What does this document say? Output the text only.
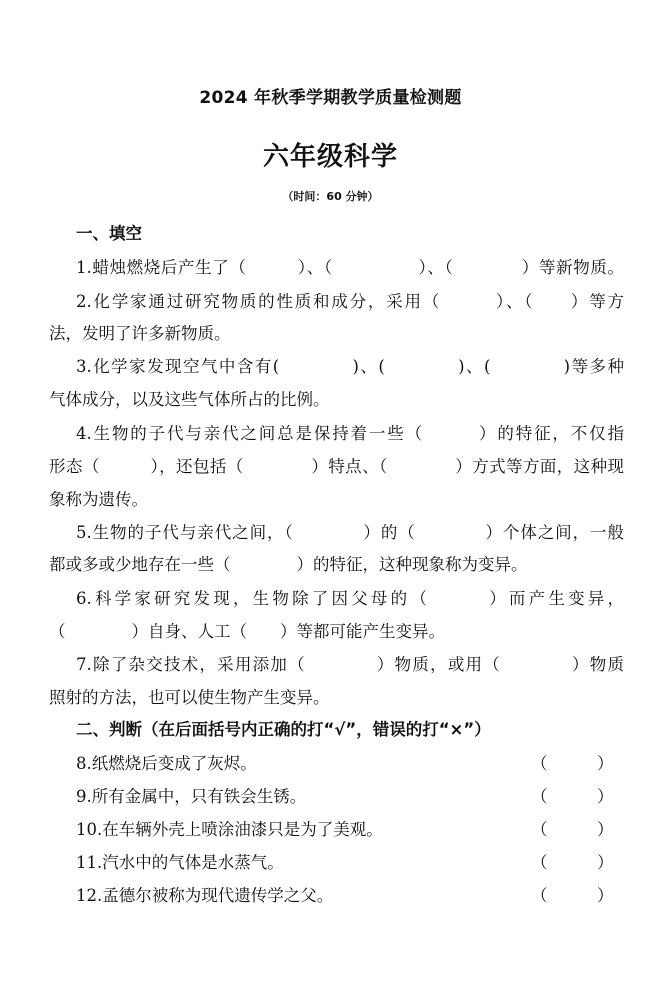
2024 年秋季学期教学质量检测题
六年级科学
（时间：60 分钟）
一、填空
1.蜡烛燃烧后产生了（　　　）、（　　　　　）、（　　　　）等新物质。
2.化学家通过研究物质的性质和成分，采用（　　　）、（　　）等方
法，发明了许多新物质。
3.化学家发现空气中含有(　　　　)、(　　　　)、(　　　　)等多种
气体成分，以及这些气体所占的比例。
4.生物的子代与亲代之间总是保持着一些（　　　）的特征，不仅指
形态（　　　），还包括（　　　　）特点、（　　　　）方式等方面，这种现
象称为遗传。
5.生物的子代与亲代之间，（　　　　）的（　　　　）个体之间，一般
都或多或少地存在一些（　　　　）的特征，这种现象称为变异。
6.科学家研究发现，生物除了因父母的（　　　）而产生变异，
（　　　　）自身、人工（　　）等都可能产生变异。
7.除了杂交技术，采用添加（　　　　）物质，或用（　　　　）物质
照射的方法，也可以使生物产生变异。
二、判断（在后面括号内正确的打“√”，错误的打“×”）
8.纸燃烧后变成了灰烬。	（　　　）
9.所有金属中，只有铁会生锈。	（　　　）
10.在车辆外壳上喷涂油漆只是为了美观。	（　　　）
11.汽水中的气体是水蒸气。	（　　　）
12.孟德尔被称为现代遗传学之父。	（　　　）
